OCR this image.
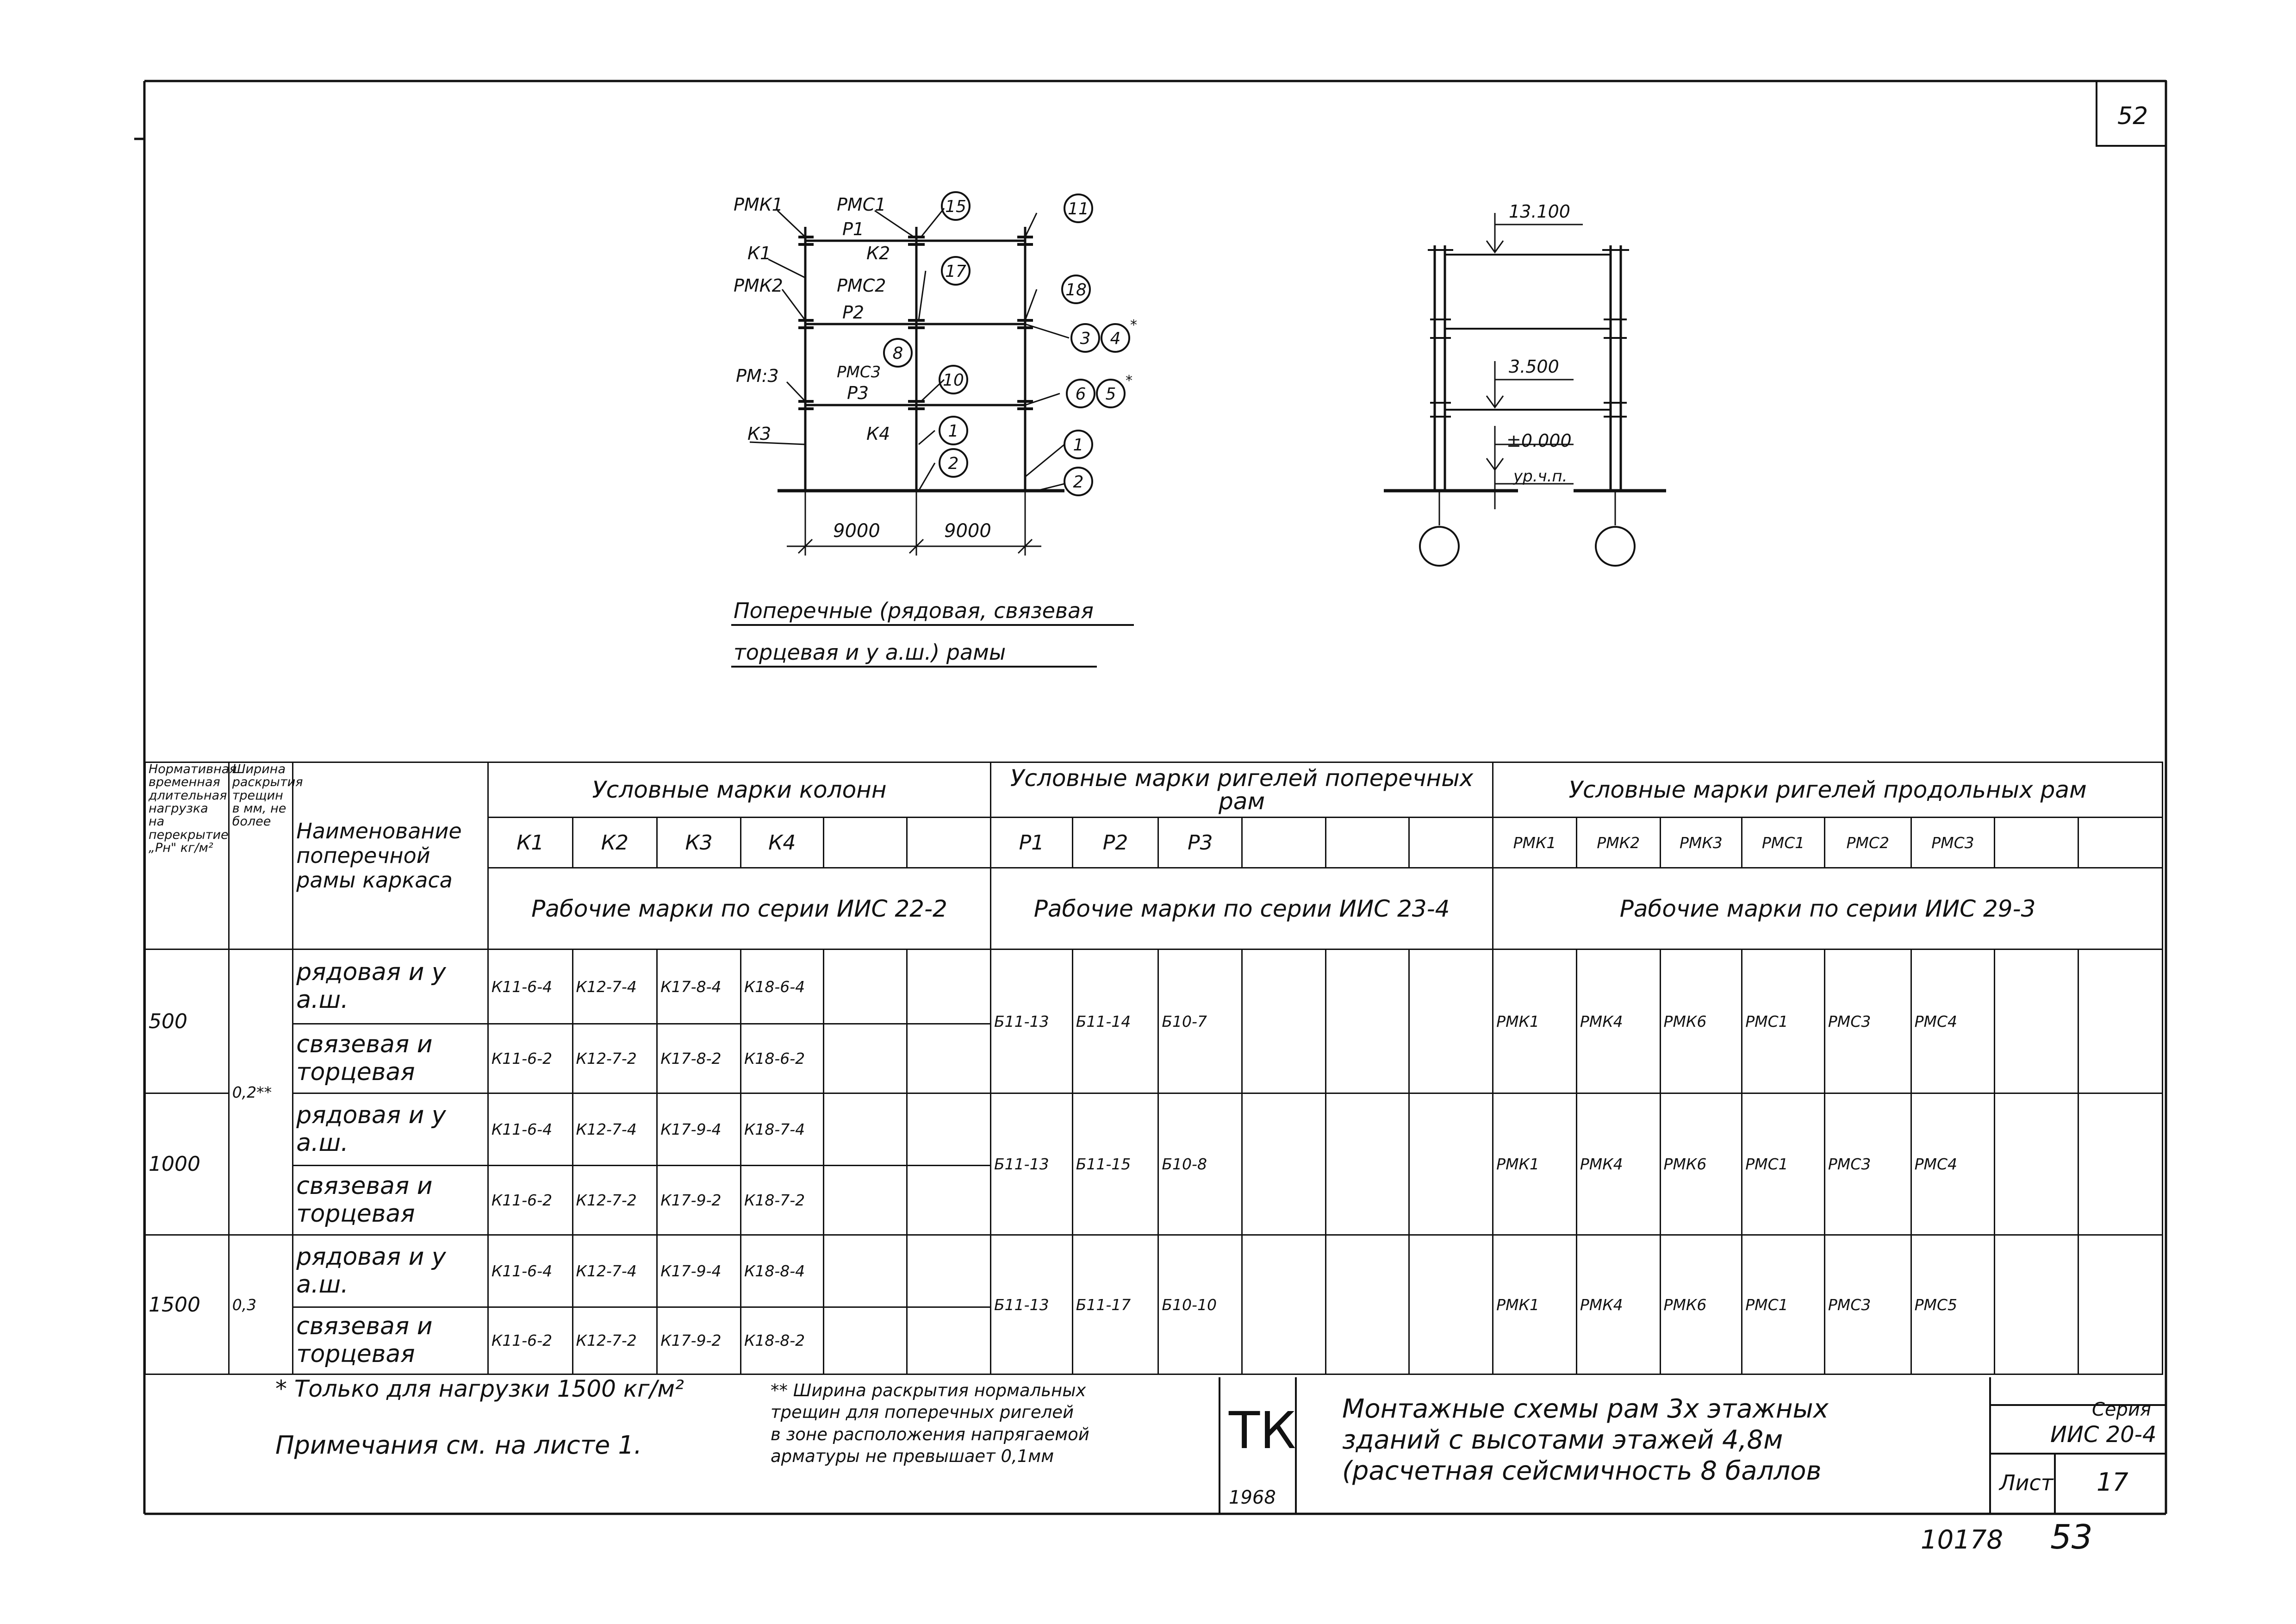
52
РМК1	РМС1
Р1
К1	К2
РМК2	РМС2
Р2
РМ:3	РМС3
Р3
К3	К4
15	11
17
18
3 4
8
10
6 5
1
2
1
2
*
*
9000	9000
Поперечные (рядовая, связевая
торцевая и у а.ш.) рамы
13.100
3.500
±0.000
ур.ч.п.
10178 53
Нормативная временная длительная нагрузка на перекрытие „Рн" кг/м²	Ширина раскрытия трещин в мм, не более	Наименование поперечной рамы каркаса	Условные марки колонн						Условные марки ригелей поперечных рам						Условные марки ригелей продольных рам							
			К1	К2	К3	К4			Р1	Р2	Р3				РМК1	РМК2	РМК3	РМС1	РМС2	РМС3		
			Рабочие марки по серии ИИС 22-2						Рабочие марки по серии ИИС 23-4						Рабочие марки по серии ИИС 29-3							
500	0,2**	рядовая и у а.ш.	К11-6-4	К12-7-4	К17-8-4	К18-6-4			Б11-13	Б11-14	Б10-7				РМК1	РМК4	РМК6	РМС1	РМС3	РМС4		
		связевая и торцевая	К11-6-2	К12-7-2	К17-8-2	К18-6-2																
1000		рядовая и у а.ш.	К11-6-4	К12-7-4	К17-9-4	К18-7-4			Б11-13	Б11-15	Б10-8				РМК1	РМК4	РМК6	РМС1	РМС3	РМС4		
		связевая и торцевая	К11-6-2	К12-7-2	К17-9-2	К18-7-2																
1500	0,3	рядовая и у а.ш.	К11-6-4	К12-7-4	К17-9-4	К18-8-4			Б11-13	Б11-17	Б10-10				РМК1	РМК4	РМК6	РМС1	РМС3	РМС5		
		связевая и торцевая	К11-6-2	К12-7-2	К17-9-2	К18-8-2																
* Только для нагрузки 1500 кг/м²
Примечания см. на листе 1.
** Ширина раскрытия нормальных
трещин для поперечных ригелей
в зоне расположения напрягаемой
арматуры не превышает 0,1мм	ТК
1968
Монтажные схемы рам 3х этажных
зданий с высотами этажей 4,8м
(расчетная сейсмичность 8 баллов
Серия
ИИС 20-4
Лист 17
